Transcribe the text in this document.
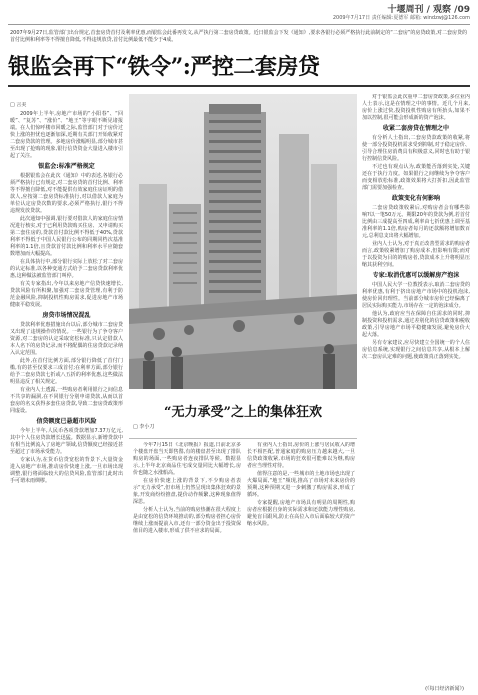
十堰周刊 / 观察 /09
2009年7月17日 责任编辑:夏德军 邮箱: windzwj@126.com
2007年9月27日,监管部门出台规定,首套房贷首付及利率优惠,而银监会此番再发文,从严执行第二套房贷政策。近日银监会下发《通知》,要求各银行必须严格执行此前制定的“二套房”的房贷政策,对二套房贷的首付比例和利率等不得擅自降低,不得违规放贷,首付比例最低不能少于4成。
银监会再下“铁令”:严控二套房贷
□ 言美

2009年上半年,房地产市场的“小阳春”、“回暖”、“复苏”、“涨价”、“地王”等字眼不断见诸报端。在人们惊呼楼市回暖之际,监管部门对于房价过快上涨的担忧也逐渐加深,近期有关部门开始收紧对二套房贷款的管理。多地房价涨幅明显,部分城市甚至出现了抢购的现象,银行信贷资金大量进入楼市引起了关注。

银监会:标准严格规定

根据银监会在此次《通知》中的表述,各银行必须严格执行已有规定,对二套房贷的首付比例、利率等不得擅自降低,对不能提供有效家庭住房证明的借款人,应按第二套房贷标准执行,对以借款人家庭为单位认定房贷次数的要求,必须严格执行,银行不得违规发放贷款。

此次通知中强调,银行要对借款人的家庭住房情况进行核实,对于已利用贷款购买住房、又申请购买第二套住房的,贷款首付款比例不得低于40%,贷款利率不得低于中国人民银行公布的同期同档次基准利率的1.1倍,且贷款首付款比例和利率水平应随套数增加而大幅提高。

在具体执行中,部分银行实际上放松了对二套房的认定标准,以各种变通方式给予二套房贷款利率优惠,这种做法被监管部门叫停。

有关专家指出,今年以来房地产信贷快速增长,贷款风险有所积聚,加强对二套房贷管理,有利于防范金融风险,抑制投机性购房需求,促进房地产市场健康平稳发展。

房贷市场情况混乱

贷款利率优惠措施出台以后,部分城市二套房贷又出现了违规操作的情况。一些银行为了争夺客户资源,对二套房的认定采取宽松标准,只认定借款人本人名下的房贷记录,而不将配偶的住房贷款记录纳入认定范围。

此外,在首付比例方面,部分银行降低了首付门槛,有的甚至仅要求三成首付;在利率方面,部分银行给予二套房贷款七折或八五折的利率优惠,这些做法明显违反了相关规定。

有业内人士透露,一些购房者利用银行之间信息不共享的漏洞,在不同银行分别申请贷款,从而以首套房的名义获得多套住房贷款,导致二套房贷政策形同虚设。

信贷额度已悬超市风险

今年上半年,人民币各项贷款增加7.37万亿元,其中个人住房贷款增长迅猛。数据显示,新增贷款中有相当比例流入了房地产领域,信贷额度已经接近甚至超过了市场承受能力。

专家认为,在货币信贷宽松的背景下,大量资金进入房地产市场,推动房价快速上涨,一旦市场出现调整,银行将面临较大的信贷风险,监管部门此时出手可谓未雨绸缪。

“无力承受”之上的集体狂欢
□ 李小刀

今年7月15日《北京晚报》报道,日前北京多个楼盘开盘当天即售罄,有的楼盘甚至出现了排队购房的场面,一些购房者连夜排队等候。数据显示,上半年北京商品住宅成交量同比大幅增长,房价也随之水涨船高。

在房价快速上涨的背景下,不少购房者表示“无力承受”,但市场上仍然呈现出集体狂欢的景象,开发商纷纷推盘,提价动作频繁,这种现象值得深思。

分析人士认为,当前的购房热潮在很大程度上是由宽松的信贷环境推动的,部分购房者担心房价继续上涨而提前入市,还有一部分资金出于投资保值目的进入楼市,形成了供不应求的局面。

有业内人士指出,房价的上涨与居民收入的增长不相匹配,普通家庭的购房压力越来越大,一旦信贷政策收紧,市场的狂欢很可能难以为继,购房者应当理性对待。

值得注意的是,一些城市的土地市场也出现了火爆局面,“地王”频现,推高了市场对未来房价的预期,这种预期又进一步刺激了购房需求,形成了循环。

专家提醒,房地产市场具有明显的周期性,购房者应根据自身的实际需求和还款能力理性购房,避免盲目跟风,防止在高位入市后面临较大的资产缩水风险。

对于银监会此次重申二套房贷政策,多位业内人士表示,这是在情理之中的事情。近几个月来,房价上涨过快,投资投机性购房有所抬头,如果不加以控制,很可能会形成新的资产泡沫。

收紧二套房贷在情理之中

有分析人士指出,二套房贷款政策的收紧,将使一部分投资投机需求受到抑制,对于稳定房价、引导合理住房消费具有积极意义,同时也有助于银行控制信贷风险。

不过也有观点认为,政策能否落到实处,关键还在于执行力度。如果银行之间继续为争夺客户而变相放松标准,政策效果将大打折扣,因此监管部门需要加强检查。

政策变化有何影响

二套房贷政策收紧后,对购房者会有哪些影响?以一笔50万元、期限20年的贷款为例,若首付比例由三成提高至四成,利率由七折优惠上调至基准利率的1.1倍,购房者每月的还款额将增加数百元,总利息支出将大幅增加。

业内人士认为,对于真正改善型需求的购房者而言,政策收紧增加了购房成本,但影响有限;而对于以投资为目的的购房者,贷款成本上升将明显压缩其获利空间。

专家:取消优惠可以缓解房产泡沫

中国人民大学一位教授表示,取消二套房贷的利率优惠,有利于挤出房地产市场中的投机泡沫,使房价回归理性。当前部分城市房价已经偏离了居民实际购买能力,市场存在一定的泡沫成分。

他认为,政府应当在保障自住需求的同时,抑制投资和投机需求,通过差别化的信贷政策和税收政策,引导房地产市场平稳健康发展,避免房价大起大落。

另有专家建议,应尽快建立全国统一的个人住房信息系统,实现银行之间信息共享,从根本上解决二套房认定难的问题,使政策真正落到实处。

(《每日经济新闻》)
